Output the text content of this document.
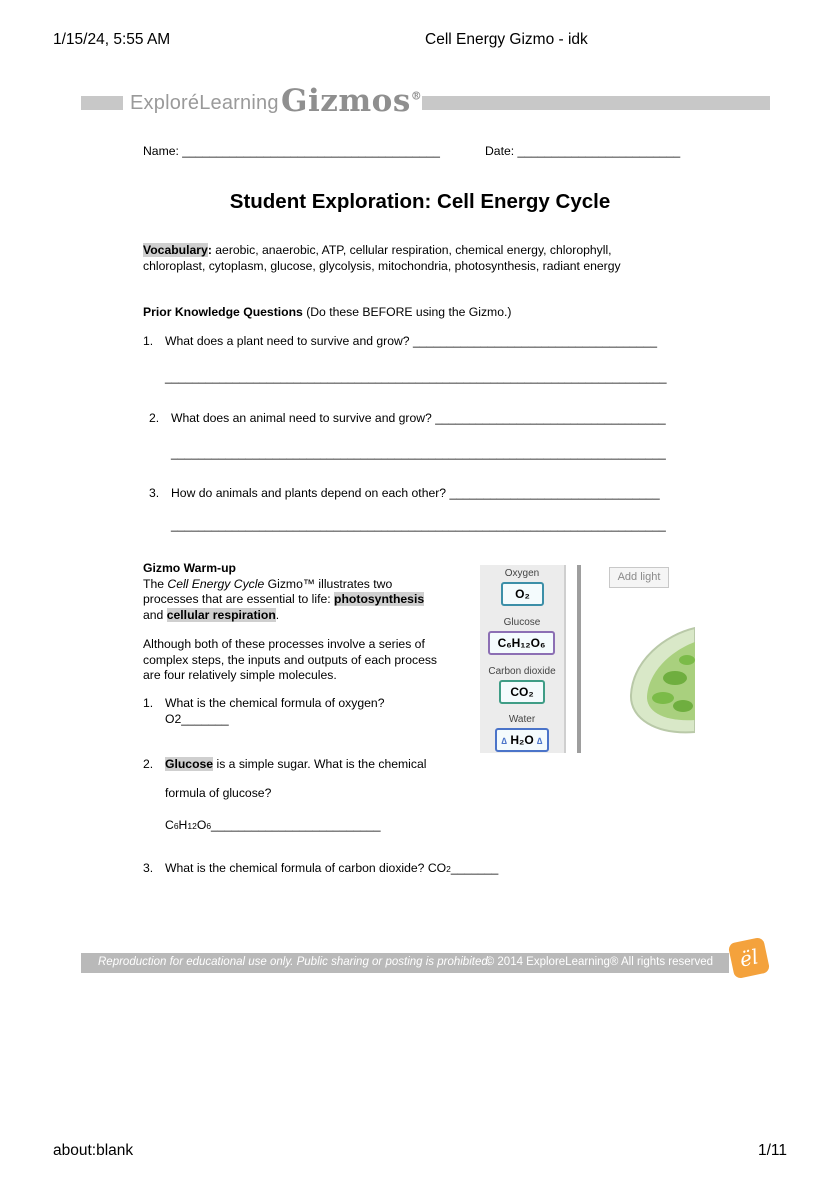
1/15/24, 5:55 AM	Cell Energy Gizmo - idk
ExploréLearning Gizmos®
Name: ______________________________________	Date: ________________________
Student Exploration: Cell Energy Cycle
Vocabulary: aerobic, anaerobic, ATP, cellular respiration, chemical energy, chlorophyll,
chloroplast, cytoplasm, glucose, glycolysis, mitochondria, photosynthesis, radiant energy
Prior Knowledge Questions (Do these BEFORE using the Gizmo.)
1. What does a plant need to survive and grow? ____________________________________
__________________________________________________________________________
2. What does an animal need to survive and grow? __________________________________
_________________________________________________________________________
3. How do animals and plants depend on each other? _______________________________
_________________________________________________________________________
Gizmo Warm-up
The Cell Energy Cycle Gizmo™ illustrates two
processes that are essential to life: photosynthesis
and cellular respiration.
Although both of these processes involve a series of
complex steps, the inputs and outputs of each process
are four relatively simple molecules.
1. What is the chemical formula of oxygen?
O2_______
2. Glucose is a simple sugar. What is the chemical
formula of glucose?
C6H12O6_________________________
3. What is the chemical formula of carbon dioxide? CO2_______
Oxygen
O₂
Glucose
C₆H₁₂O₆
Carbon dioxide
CO₂
Water
∆ H₂O ∆
Add light
Reproduction for educational use only. Public sharing or posting is prohibited.
© 2014 ExploreLearning® All rights reserved	ël
about:blank	1/11
